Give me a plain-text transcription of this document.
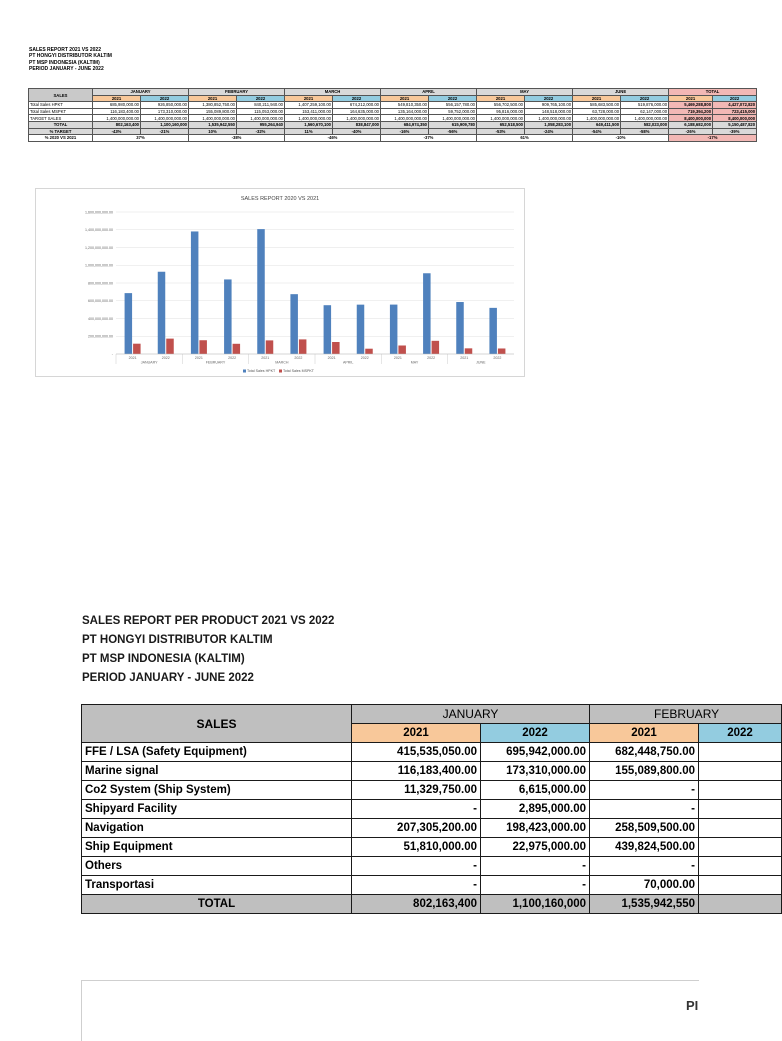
SALES REPORT 2021 VS 2022
PT HONGYI DISTRIBUTOR KALTIM
PT MSP INDONESIA (KALTIM)
PERIOD JANUARY - JUNE 2022
SALES	JANUARY		FEBRUARY		MARCH		APRIL		MAY		JUNE		TOTAL	
	2021	2022	2021	2022	2021	2022	2021	2022	2021	2022	2021	2022	2021	2022
Total Sales HPKT	685,980,000.00	926,850,000.00	1,380,852,750.00	840,211,940.00	1,407,259,100.00	674,212,000.00	549,810,350.00	556,157,780.00	556,702,500.00	909,765,100.00	585,683,500.00	519,876,000.00	5,469,288,800	4,427,072,820
Total Sales MSPKT	116,183,400.00	173,310,000.00	155,089,800.00	115,053,000.00	153,411,000.00	164,635,000.00	135,164,000.00	59,752,000.00	95,816,000.00	148,518,000.00	63,728,000.00	62,147,000.00	719,394,200	723,415,000
TARGET SALES	1,400,000,000.00	1,400,000,000.00	1,400,000,000.00	1,400,000,000.00	1,400,000,000.00	1,400,000,000.00	1,400,000,000.00	1,400,000,000.00	1,400,000,000.00	1,400,000,000.00	1,400,000,000.00	1,400,000,000.00	8,400,000,000	8,400,000,000
TOTAL	802,163,400	1,100,160,000	1,535,942,550	955,264,940	1,560,670,100	838,847,000	684,974,350	615,909,780	652,518,500	1,058,283,100	649,411,500	582,023,000	6,188,682,000	5,150,487,820
% TARGET	-43%	-21%	10%	-32%	11%	-40%	-16%	-56%	-53%	-24%	-54%	-58%	-26%	-39%
% 2020 VS 2021	37%		-38%		-46%		-37%		61%		-10%		-17%	
SALES REPORT 2020 VS 2021
-
200,000,000.00
400,000,000.00
600,000,000.00
800,000,000.00
1,000,000,000.00
1,200,000,000.00
1,400,000,000.00
1,600,000,000.00
2021	2022	2021	2022	2021	2022	2021	2022	2021	2022	2021	2022
JANUARY	FEBRUARY	MARCH	APRIL	MAY	JUNE
Total Sales HPKT Total Sales MSPKT
SALES REPORT PER PRODUCT 2021 VS 2022
PT HONGYI DISTRIBUTOR KALTIM
PT MSP INDONESIA (KALTIM)
PERIOD JANUARY - JUNE 2022
SALES	JANUARY		FEBRUARY	
	2021	2022	2021	2022
FFE / LSA (Safety Equipment)	415,535,050.00	695,942,000.00	682,448,750.00	
Marine signal	116,183,400.00	173,310,000.00	155,089,800.00	
Co2 System (Ship System)	11,329,750.00	6,615,000.00	-	
Shipyard Facility	-	2,895,000.00	-	
Navigation	207,305,200.00	198,423,000.00	258,509,500.00	
Ship Equipment	51,810,000.00	22,975,000.00	439,824,500.00	
Others	-	-	-	
Transportasi	-	-	70,000.00	
TOTAL	802,163,400	1,100,160,000	1,535,942,550	
PI
